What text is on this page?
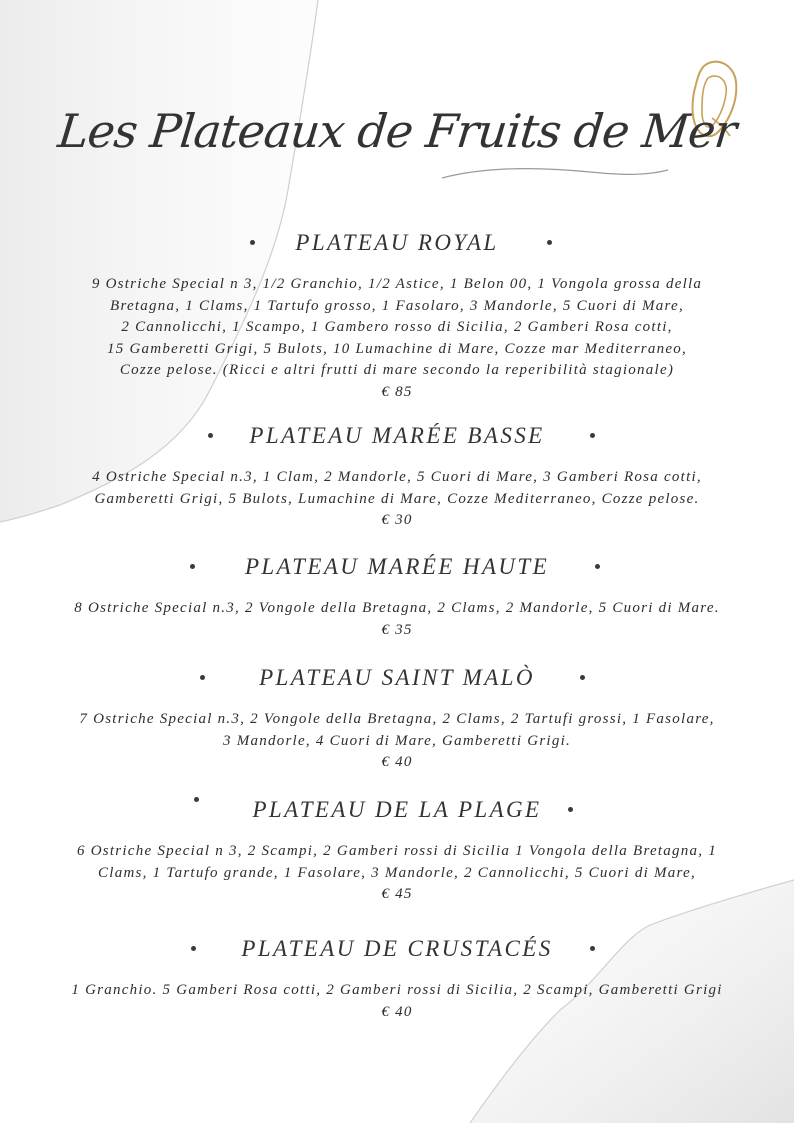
Les Plateaux de Fruits de Mer
PLATEAU ROYAL

9 Ostriche Special n 3, 1/2 Granchio, 1/2 Astice, 1 Belon 00, 1 Vongola grossa della
Bretagna, 1 Clams, 1 Tartufo grosso, 1 Fasolaro, 3 Mandorle, 5 Cuori di Mare,
2 Cannolicchi, 1 Scampo, 1 Gambero rosso di Sicilia, 2 Gamberi Rosa cotti,
15 Gamberetti Grigi, 5 Bulots, 10 Lumachine di Mare, Cozze mar Mediterraneo,
Cozze pelose. (Ricci e altri frutti di mare secondo la reperibilità stagionale)

€ 85
PLATEAU MARÉE BASSE

4 Ostriche Special n.3, 1 Clam, 2 Mandorle, 5 Cuori di Mare, 3 Gamberi Rosa cotti,
Gamberetti Grigi, 5 Bulots, Lumachine di Mare, Cozze Mediterraneo, Cozze pelose.

€ 30
PLATEAU MARÉE HAUTE

8 Ostriche Special n.3, 2 Vongole della Bretagna, 2 Clams, 2 Mandorle, 5 Cuori di Mare.

€ 35
PLATEAU SAINT MALÒ

7 Ostriche Special n.3, 2 Vongole della Bretagna, 2 Clams, 2 Tartufi grossi, 1 Fasolare,
3 Mandorle, 4 Cuori di Mare, Gamberetti Grigi.

€ 40
PLATEAU DE LA PLAGE

6 Ostriche Special n 3, 2 Scampi, 2 Gamberi rossi di Sicilia 1 Vongola della Bretagna, 1
Clams, 1 Tartufo grande, 1 Fasolare, 3 Mandorle, 2 Cannolicchi, 5 Cuori di Mare,

€ 45
PLATEAU DE CRUSTACÉS

1 Granchio. 5 Gamberi Rosa cotti, 2 Gamberi rossi di Sicilia, 2 Scampi, Gamberetti Grigi

€ 40
